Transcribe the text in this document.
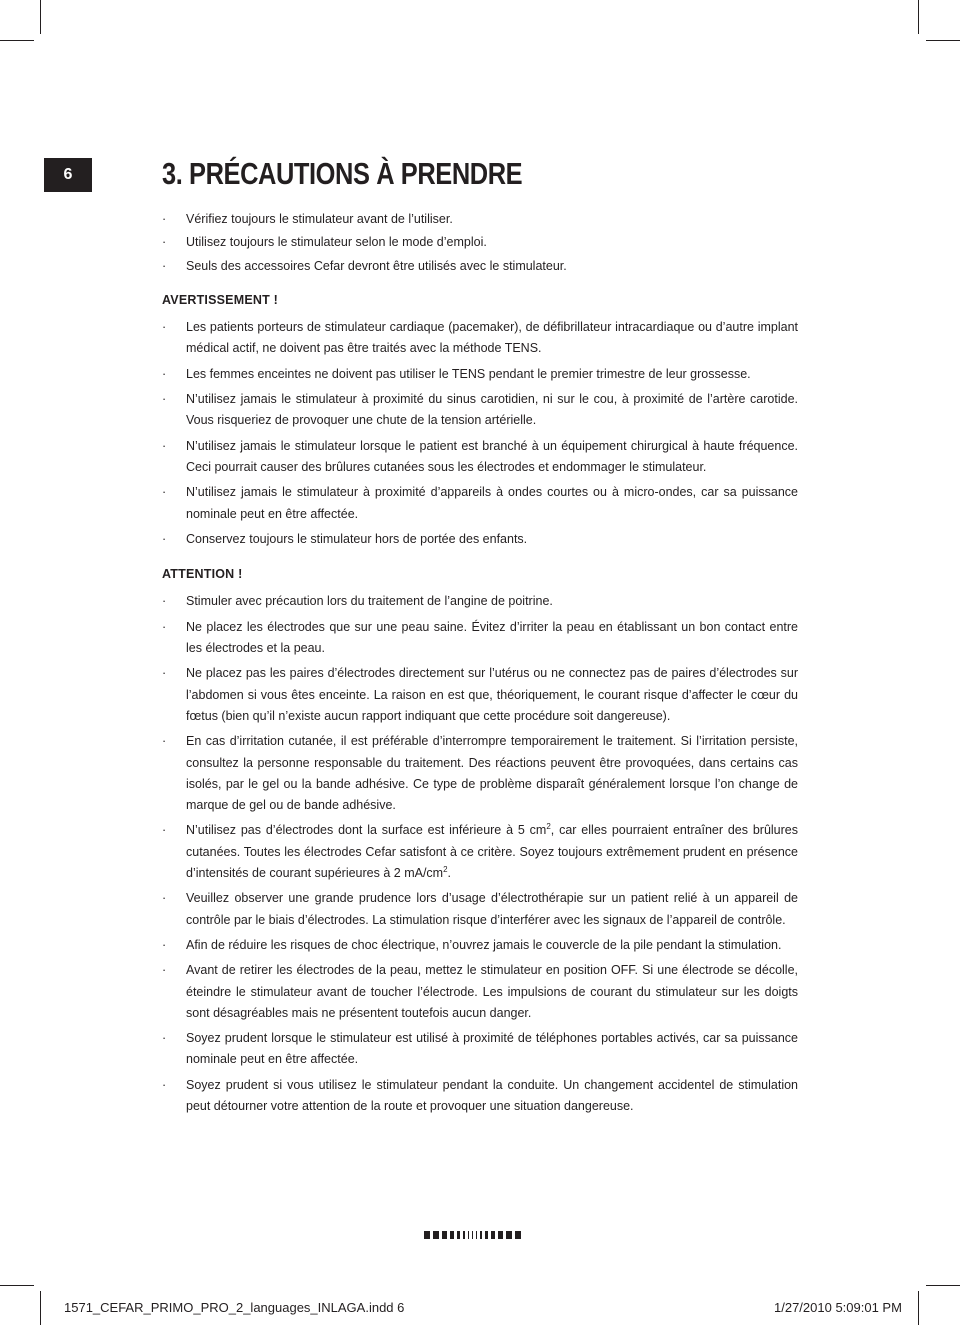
6	3. PRÉCAUTIONS À PRENDRE
· Vérifiez toujours le stimulateur avant de l’utiliser.
· Utilisez toujours le stimulateur selon le mode d’emploi.
· Seuls des accessoires Cefar devront être utilisés avec le stimulateur.
AVERTISSEMENT !
· Les patients porteurs de stimulateur cardiaque (pacemaker), de défibrillateur intracardiaque ou d’autre implant médical actif, ne doivent pas être traités avec la méthode TENS.
· Les femmes enceintes ne doivent pas utiliser le TENS pendant le premier trimestre de leur grossesse.
· N’utilisez jamais le stimulateur à proximité du sinus carotidien, ni sur le cou, à proximité de l’artère carotide. Vous risqueriez de provoquer une chute de la tension artérielle.
· N’utilisez jamais le stimulateur lorsque le patient est branché à un équipement chirurgical à haute fréquence. Ceci pourrait causer des brûlures cutanées sous les électrodes et endommager le stimulateur.
· N’utilisez jamais le stimulateur à proximité d’appareils à ondes courtes ou à micro-ondes, car sa puissance nominale peut en être affectée.
· Conservez toujours le stimulateur hors de portée des enfants.
ATTENTION !
· Stimuler avec précaution lors du traitement de l’angine de poitrine.
· Ne placez les électrodes que sur une peau saine. Évitez d’irriter la peau en établissant un bon contact entre les électrodes et la peau.
· Ne placez pas les paires d’électrodes directement sur l’utérus ou ne connectez pas de paires d’électrodes sur l’abdomen si vous êtes enceinte. La raison en est que, théoriquement, le courant risque d’affecter le cœur du fœtus (bien qu’il n’existe aucun rapport indiquant que cette procédure soit dangereuse).
· En cas d’irritation cutanée, il est préférable d’interrompre temporairement le traitement. Si l’irritation persiste, consultez la personne responsable du traitement. Des réactions peuvent être provoquées, dans certains cas isolés, par le gel ou la bande adhésive. Ce type de problème disparaît généralement lorsque l’on change de marque de gel ou de bande adhésive.
· N’utilisez pas d’électrodes dont la surface est inférieure à 5 $cm^2$, car elles pourraient entraîner des brûlures cutanées. Toutes les électrodes Cefar satisfont à ce critère. Soyez toujours extrêmement prudent en présence d’intensités de courant supérieures à 2 $mA/cm^2$.
· Veuillez observer une grande prudence lors d’usage d’électrothérapie sur un patient relié à un appareil de contrôle par le biais d’électrodes. La stimulation risque d’interférer avec les signaux de l’appareil de contrôle.
· Afin de réduire les risques de choc électrique, n’ouvrez jamais le couvercle de la pile pendant la stimulation.
· Avant de retirer les électrodes de la peau, mettez le stimulateur en position OFF. Si une électrode se décolle, éteindre le stimulateur avant de toucher l’électrode. Les impulsions de courant du stimulateur sur les doigts sont désagréables mais ne présentent toutefois aucun danger.
· Soyez prudent lorsque le stimulateur est utilisé à proximité de téléphones portables activés, car sa puissance nominale peut en être affectée.
· Soyez prudent si vous utilisez le stimulateur pendant la conduite. Un changement accidentel de stimulation peut détourner votre attention de la route et provoquer une situation dangereuse.
1571_CEFAR_PRIMO_PRO_2_languages_INLAGA.indd 6	1/27/2010 5:09:01 PM
